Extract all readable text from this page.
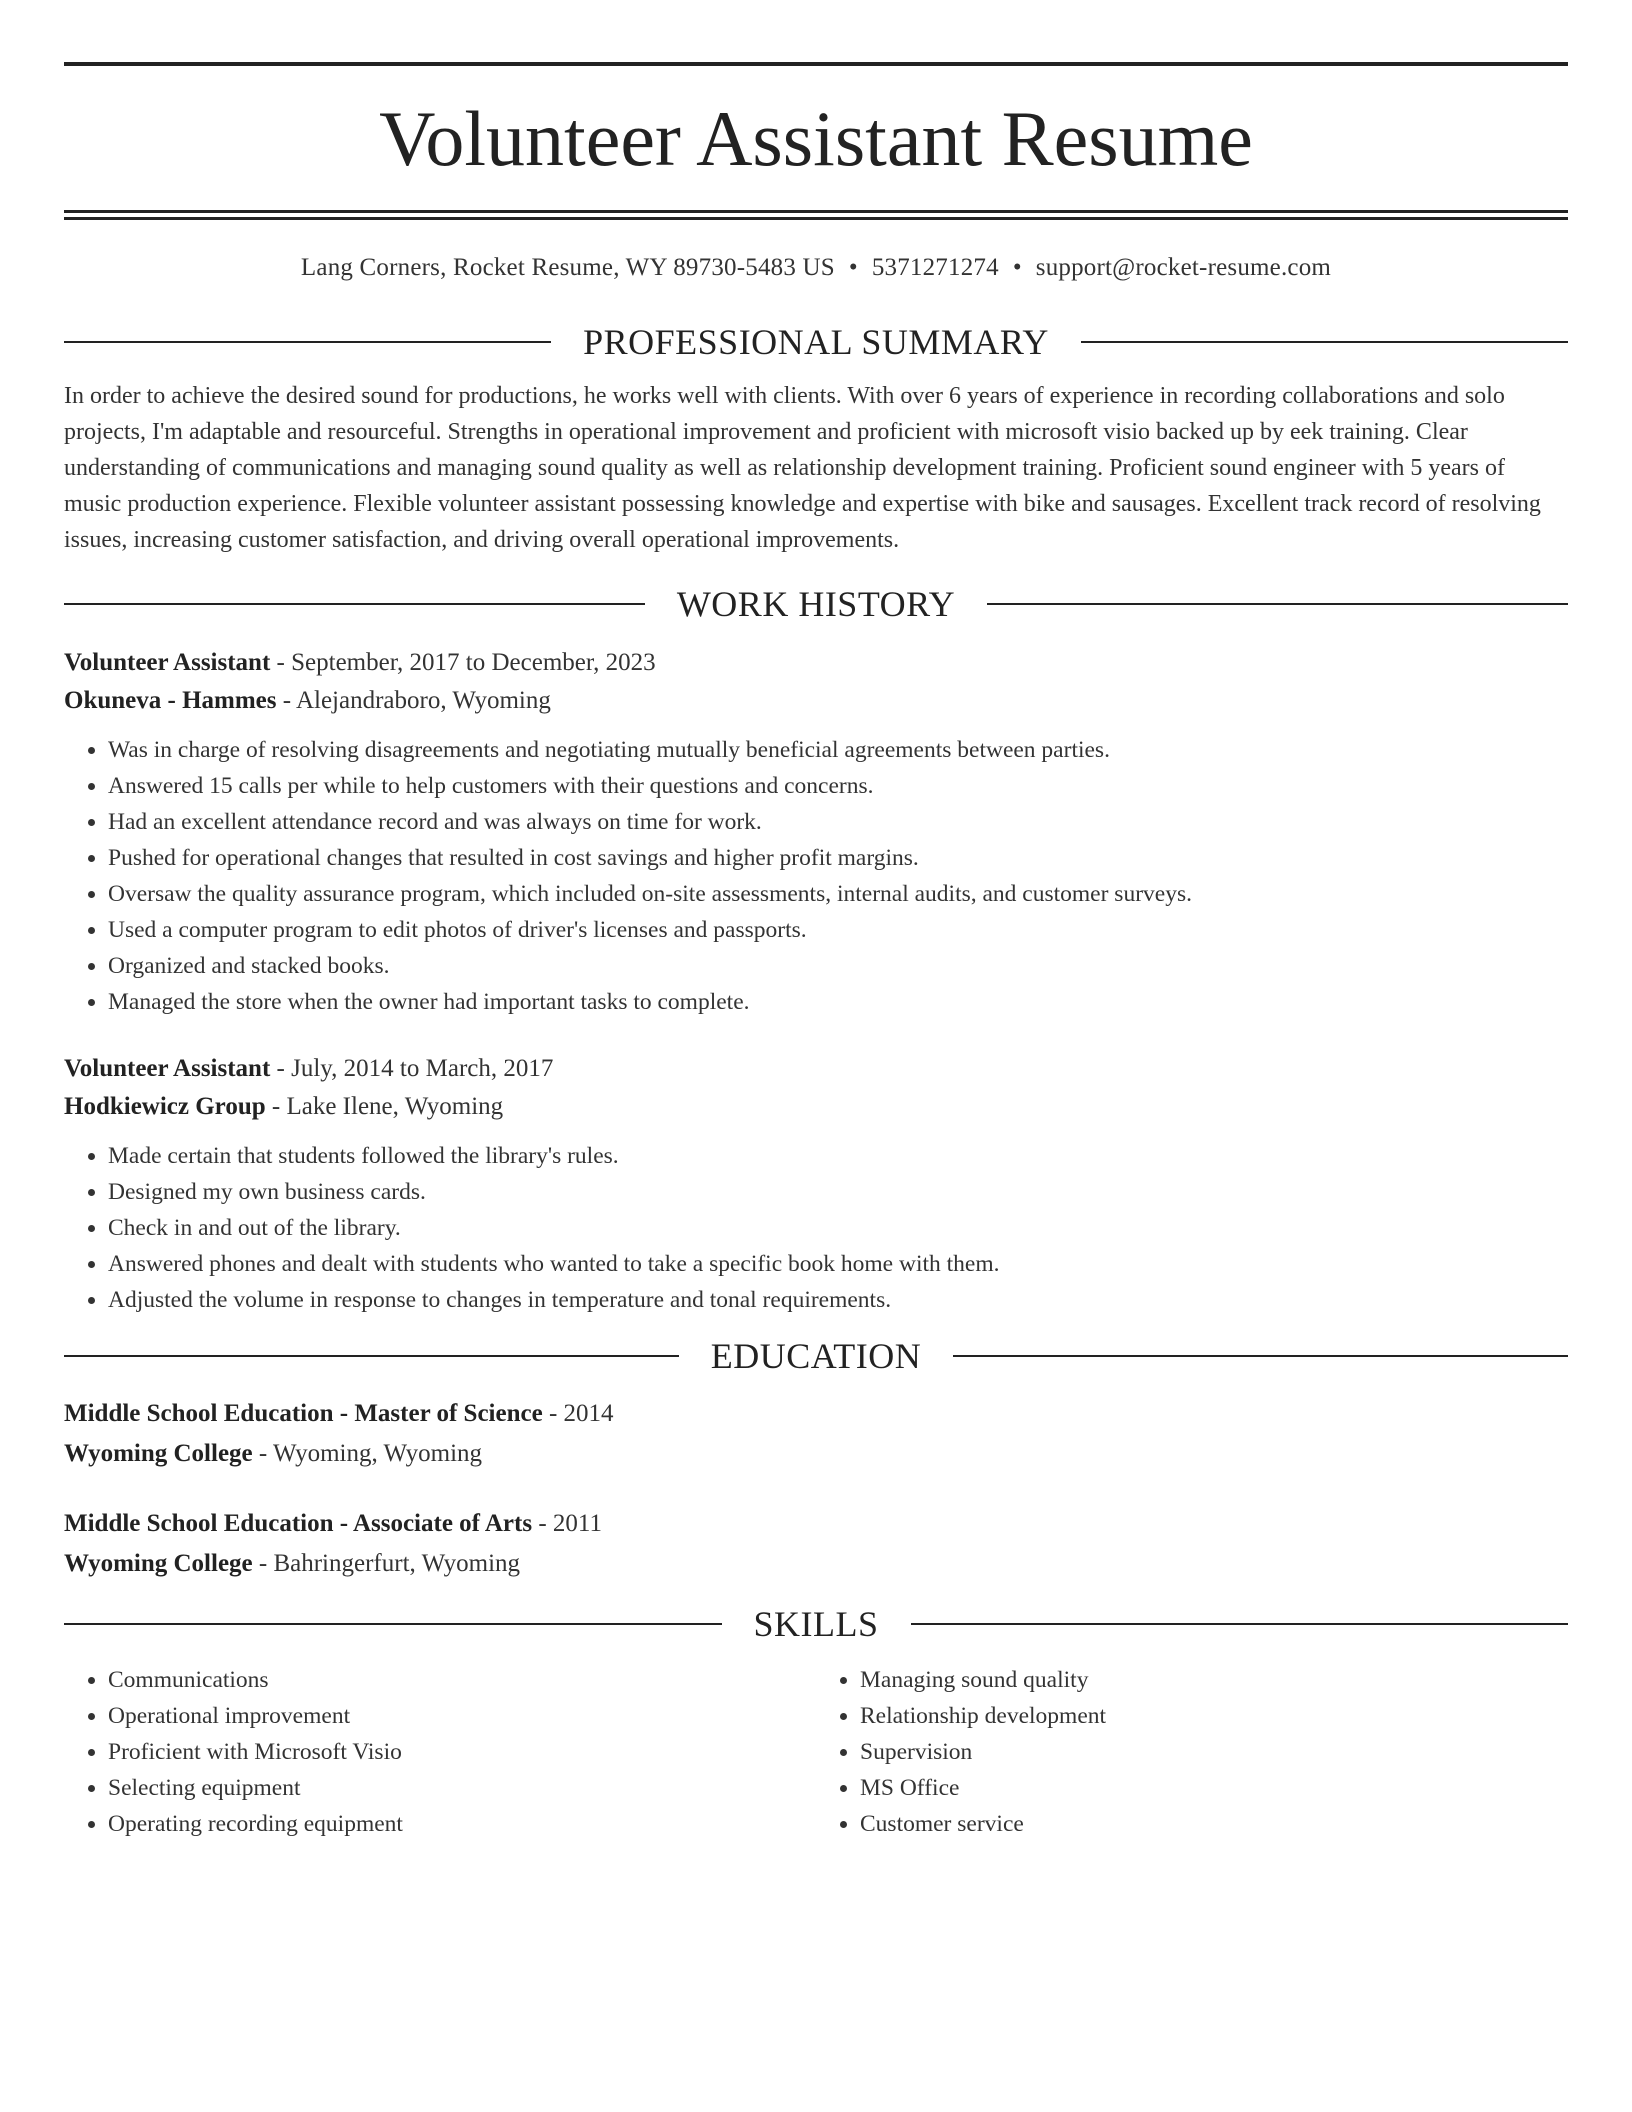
Volunteer Assistant Resume
Lang Corners, Rocket Resume, WY 89730-5483 US • 5371271274 • support@rocket-resume.com
PROFESSIONAL SUMMARY

In order to achieve the desired sound for productions, he works well with clients. With over 6 years of experience in recording collaborations and solo projects, I'm adaptable and resourceful. Strengths in operational improvement and proficient with microsoft visio backed up by eek training. Clear understanding of communications and managing sound quality as well as relationship development training. Proficient sound engineer with 5 years of music production experience. Flexible volunteer assistant possessing knowledge and expertise with bike and sausages. Excellent track record of resolving issues, increasing customer satisfaction, and driving overall operational improvements.

WORK HISTORY
Volunteer Assistant - September, 2017 to December, 2023
Okuneva - Hammes - Alejandraboro, Wyoming
• Was in charge of resolving disagreements and negotiating mutually beneficial agreements between parties.
• Answered 15 calls per while to help customers with their questions and concerns.
• Had an excellent attendance record and was always on time for work.
• Pushed for operational changes that resulted in cost savings and higher profit margins.
• Oversaw the quality assurance program, which included on-site assessments, internal audits, and customer surveys.
• Used a computer program to edit photos of driver's licenses and passports.
• Organized and stacked books.
• Managed the store when the owner had important tasks to complete.
Volunteer Assistant - July, 2014 to March, 2017
Hodkiewicz Group - Lake Ilene, Wyoming
• Made certain that students followed the library's rules.
• Designed my own business cards.
• Check in and out of the library.
• Answered phones and dealt with students who wanted to take a specific book home with them.
• Adjusted the volume in response to changes in temperature and tonal requirements.
EDUCATION
Middle School Education - Master of Science - 2014
Wyoming College - Wyoming, Wyoming
Middle School Education - Associate of Arts - 2011
Wyoming College - Bahringerfurt, Wyoming
SKILLS
• Communications
• Operational improvement
• Proficient with Microsoft Visio
• Selecting equipment
• Operating recording equipment
• Managing sound quality
• Relationship development
• Supervision
• MS Office
• Customer service
